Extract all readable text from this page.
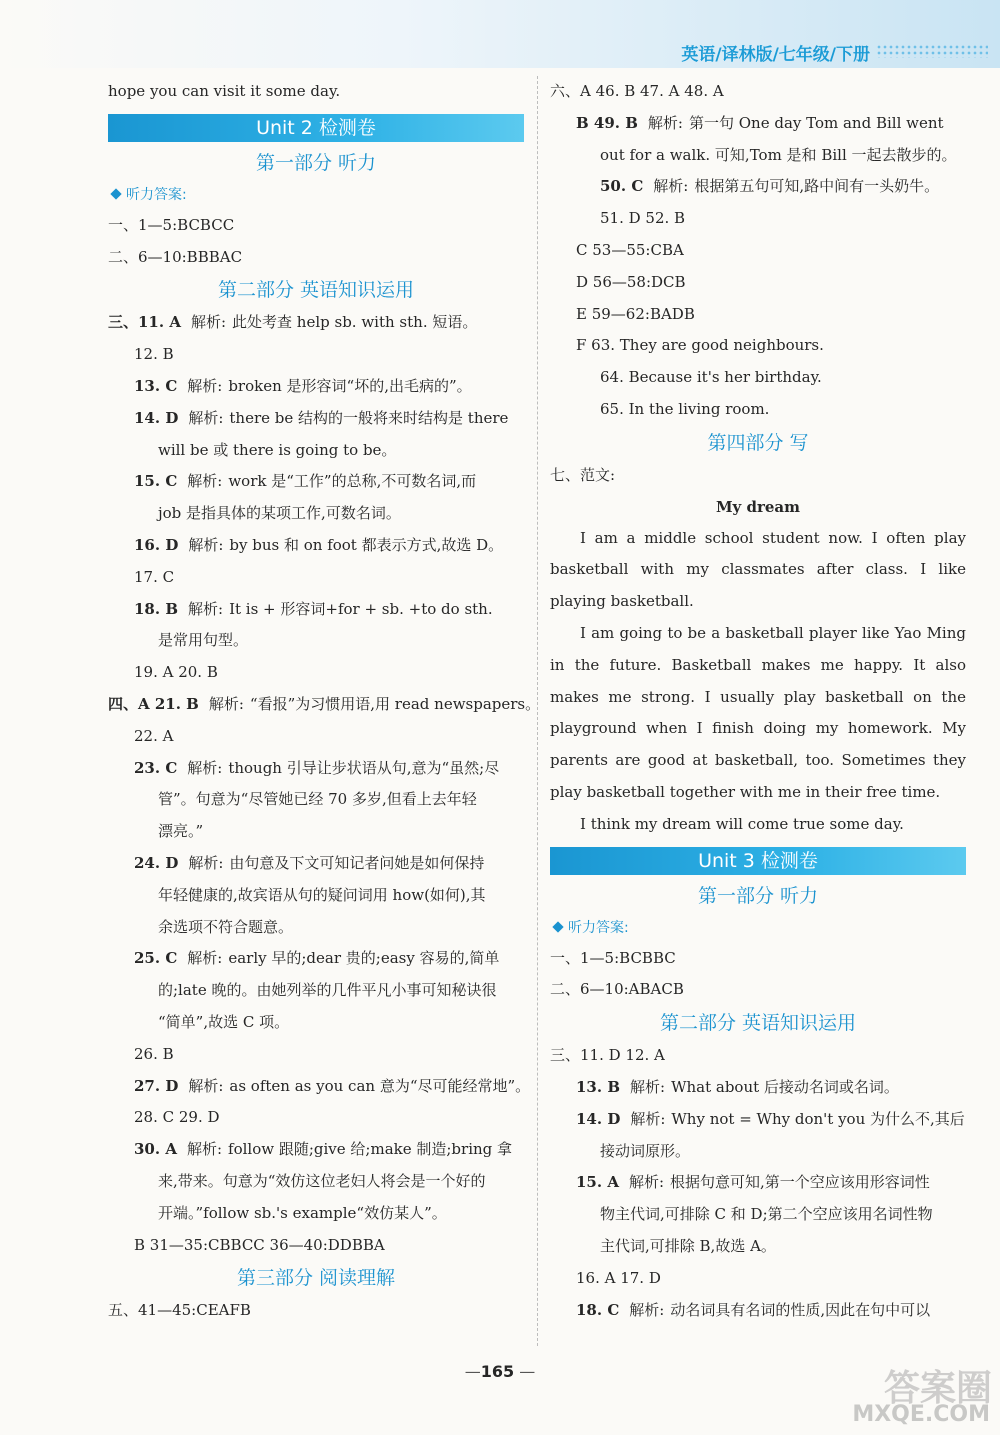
英语/译林版/七年级/下册
hope you can visit it some day.
Unit 2 检测卷
第一部分 听力
听力答案:
一、1—5:BCBCC
二、6—10:BBBAC
第二部分 英语知识运用
三、11. A 解析: 此处考查 help sb. with sth. 短语。
12. B
13. C 解析: broken 是形容词“坏的,出毛病的”。
14. D 解析: there be 结构的一般将来时结构是 there
will be 或 there is going to be。
15. C 解析: work 是“工作”的总称,不可数名词,而
job 是指具体的某项工作,可数名词。
16. D 解析: by bus 和 on foot 都表示方式,故选 D。
17. C
18. B 解析: It is + 形容词+for + sb. +to do sth.
是常用句型。
19. A 20. B
四、A 21. B 解析: “看报”为习惯用语,用 read newspapers。
22. A
23. C 解析: though 引导让步状语从句,意为“虽然;尽
管”。句意为“尽管她已经 70 多岁,但看上去年轻
漂亮。”
24. D 解析: 由句意及下文可知记者问她是如何保持
年轻健康的,故宾语从句的疑问词用 how(如何),其
余选项不符合题意。
25. C 解析: early 早的;dear 贵的;easy 容易的,简单
的;late 晚的。由她列举的几件平凡小事可知秘诀很
“简单”,故选 C 项。
26. B
27. D 解析: as often as you can 意为“尽可能经常地”。
28. C 29. D
30. A 解析: follow 跟随;give 给;make 制造;bring 拿
来,带来。句意为“效仿这位老妇人将会是一个好的
开端。”follow sb.'s example“效仿某人”。
B 31—35:CBBCC 36—40:DDBBA
第三部分 阅读理解
五、41—45:CEAFB
六、A 46. B 47. A 48. A
B 49. B 解析: 第一句 One day Tom and Bill went
out for a walk. 可知,Tom 是和 Bill 一起去散步的。
50. C 解析: 根据第五句可知,路中间有一头奶牛。
51. D 52. B
C 53—55:CBA
D 56—58:DCB
E 59—62:BADB
F 63. They are good neighbours.
64. Because it's her birthday.
65. In the living room.
第四部分 写
七、范文:
My dream
I am a middle school student now. I often play basketball with my classmates after class. I like playing basketball.
I am going to be a basketball player like Yao Ming in the future. Basketball makes me happy. It also makes me strong. I usually play basketball on the playground when I finish doing my homework. My parents are good at basketball, too. Sometimes they play basketball together with me in their free time.
I think my dream will come true some day.
Unit 3 检测卷
第一部分 听力
听力答案:
一、1—5:BCBBC
二、6—10:ABACB
第二部分 英语知识运用
三、11. D 12. A
13. B 解析: What about 后接动名词或名词。
14. D 解析: Why not = Why don't you 为什么不,其后
接动词原形。
15. A 解析: 根据句意可知,第一个空应该用形容词性
物主代词,可排除 C 和 D;第二个空应该用名词性物
主代词,可排除 B,故选 A。
16. A 17. D
18. C 解析: 动名词具有名词的性质,因此在句中可以
— 165 —	答案圈
MXQE.COM
